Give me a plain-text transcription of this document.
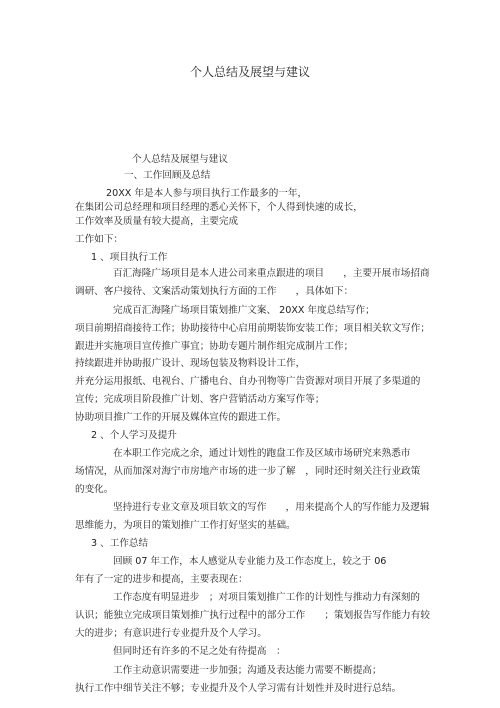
个人总结及展望与建议
个人总结及展望与建议
一、工作回顾及总结
20XX 年是本人参与项目执行工作最多的一年，
在集团公司总经理和项目经理的悉心关怀下，个人得到快速的成长，
工作效率及质量有较大提高，主要完成
工作如下：
1 、项目执行工作
百汇海隆广场项目是本人进公司来重点跟进的项目　　，主要开展市场招商
调研、客户接待、文案活动策划执行方面的工作　　，具体如下：
完成百汇海隆广场项目策划推广文案、 20XX 年度总结写作；
项目前期招商接待工作；协助接待中心启用前期装饰安装工作；项目相关软文写作；
跟进并实施项目宣传推广事宜；协助专题片制作组完成制片工作；
持续跟进并协助报广设计、现场包装及物料设计工作，
并充分运用报纸、电视台、广播电台、自办刊物等广告资源对项目开展了多渠道的
宣传；完成项目阶段推广计划、客户营销活动方案写作等；
协助项目推广工作的开展及媒体宣传的跟进工作。
2 、个人学习及提升
在本职工作完成之余，通过计划性的跑盘工作及区域市场研究来熟悉市
场情况，从而加深对海宁市房地产市场的进一步了解　，同时还时刻关注行业政策
的变化。
坚持进行专业文章及项目软文的写作　　，用来提高个人的写作能力及逻辑
思维能力，为项目的策划推广工作打好坚实的基础。
3 、工作总结
回顾 07 年工作，本人感觉从专业能力及工作态度上，较之于 06
年有了一定的进步和提高，主要表现在：
工作态度有明显进步　；对项目策划推广工作的计划性与推动力有深刻的
认识；能独立完成项目策划推广执行过程中的部分工作　　；策划报告写作能力有较
大的进步；有意识进行专业提升及个人学习。
但同时还有许多的不足之处有待提高　：
工作主动意识需要进一步加强；沟通及表达能力需要不断提高；
执行工作中细节关注不够；专业提升及个人学习需有计划性并及时进行总结。
